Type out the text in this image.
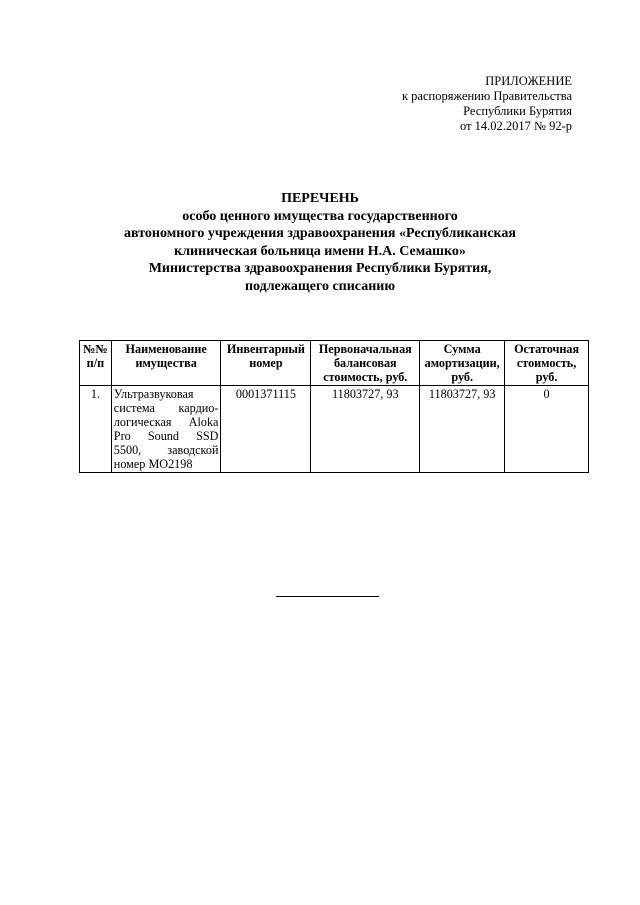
ПРИЛОЖЕНИЕ
к распоряжению Правительства
Республики Бурятия
от 14.02.2017 № 92-р
ПЕРЕЧЕНЬ
особо ценного имущества государственного
автономного учреждения здравоохранения «Республиканская
клиническая больница имени Н.А. Семашко»
Министерства здравоохранения Республики Бурятия,
подлежащего списанию
№№ п/п	Наименование имущества	Инвентарный номер	Первоначальная балансовая стоимость, руб.	Сумма амортизации, руб.	Остаточная стоимость, руб.
1.	Ультразвуковая система кардио-логическая Aloka Pro Sound SSD 5500, заводской номер MO2198	0001371115	11803727, 93	11803727, 93	0
